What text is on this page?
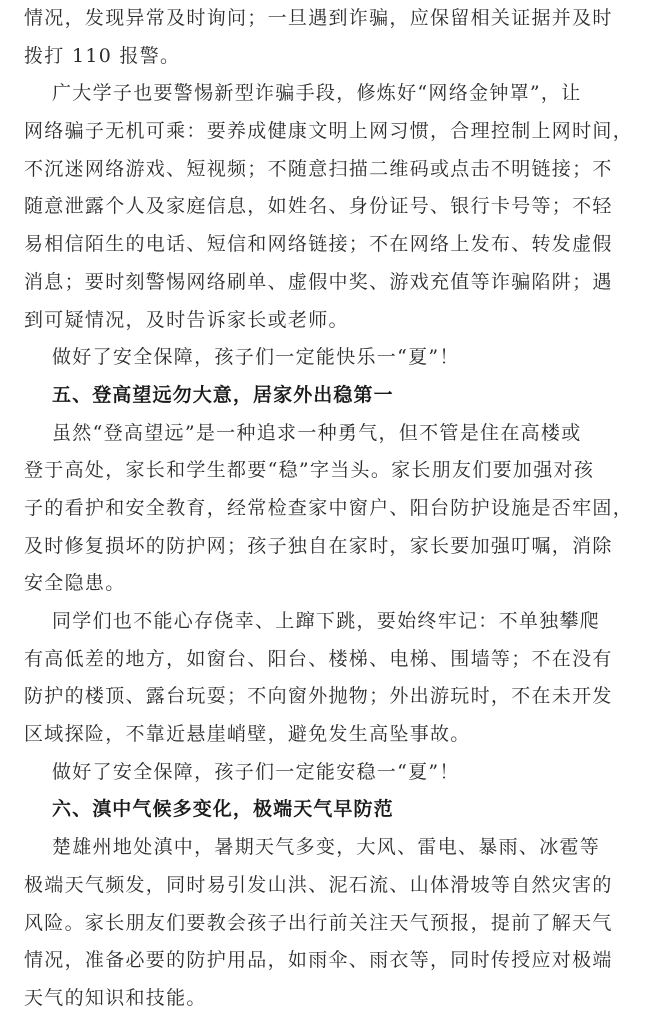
情况，发现异常及时询问；一旦遇到诈骗，应保留相关证据并及时
拨打 110 报警。
广大学子也要警惕新型诈骗手段，修炼好“网络金钟罩”，让
网络骗子无机可乘：要养成健康文明上网习惯，合理控制上网时间，
不沉迷网络游戏、短视频；不随意扫描二维码或点击不明链接；不
随意泄露个人及家庭信息，如姓名、身份证号、银行卡号等；不轻
易相信陌生的电话、短信和网络链接；不在网络上发布、转发虚假
消息；要时刻警惕网络刷单、虚假中奖、游戏充值等诈骗陷阱；遇
到可疑情况，及时告诉家长或老师。
做好了安全保障，孩子们一定能快乐一“夏”！
五、登高望远勿大意，居家外出稳第一
虽然“登高望远”是一种追求一种勇气，但不管是住在高楼或
登于高处，家长和学生都要“稳”字当头。家长朋友们要加强对孩
子的看护和安全教育，经常检查家中窗户、阳台防护设施是否牢固，
及时修复损坏的防护网；孩子独自在家时，家长要加强叮嘱，消除
安全隐患。
同学们也不能心存侥幸、上蹿下跳，要始终牢记：不单独攀爬
有高低差的地方，如窗台、阳台、楼梯、电梯、围墙等；不在没有
防护的楼顶、露台玩耍；不向窗外抛物；外出游玩时，不在未开发
区域探险，不靠近悬崖峭壁，避免发生高坠事故。
做好了安全保障，孩子们一定能安稳一“夏”！
六、滇中气候多变化，极端天气早防范
楚雄州地处滇中，暑期天气多变，大风、雷电、暴雨、冰雹等
极端天气频发，同时易引发山洪、泥石流、山体滑坡等自然灾害的
风险。家长朋友们要教会孩子出行前关注天气预报，提前了解天气
情况，准备必要的防护用品，如雨伞、雨衣等，同时传授应对极端
天气的知识和技能。
